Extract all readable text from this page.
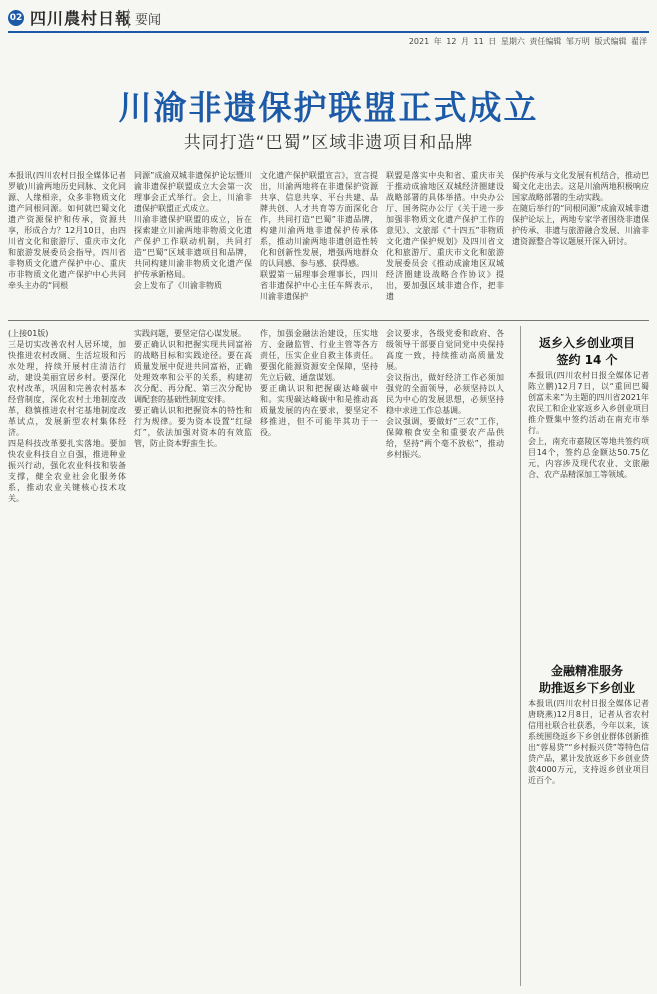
02 四川農村日報 要闻
2021 年 12 月 11 日 星期六 责任编辑 邹万明 版式编辑 翟洋
川渝非遗保护联盟正式成立
共同打造“巴蜀”区域非遗项目和品牌
本报讯(四川农村日报全媒体记者 罗敏)川渝两地历史同脉、文化同源、人缘相亲，众多非物质文化遗产同根同源。如何就巴蜀文化遗产资源保护和传承，资源共享，形成合力？12月10日，由四川省文化和旅游厅、重庆市文化和旅游发展委员会指导，四川省非物质文化遗产保护中心、重庆市非物质文化遗产保护中心共同牵头主办的“同根
同源”成渝双城非遗保护论坛暨川渝非遗保护联盟成立大会第一次理事会正式举行。会上，川渝非遗保护联盟正式成立。
川渝非遗保护联盟的成立，旨在探索建立川渝两地非物质文化遗产保护工作联动机制，共同打造“巴蜀”区域非遗项目和品牌，共同构建川渝非物质文化遗产保护传承新格局。
会上发布了《川渝非物质
文化遗产保护联盟宣言》，宣言提出，川渝两地将在非遗保护资源共享、信息共享、平台共建、品牌共创、人才共育等方面深化合作，共同打造“巴蜀”非遗品牌，构建川渝两地非遗保护传承体系，推动川渝两地非遗创造性转化和创新性发展，增强两地群众的认同感、参与感、获得感。
联盟第一届理事会理事长，四川省非遗保护中心主任车辉表示，川渝非遗保护
联盟是落实中央和省、重庆市关于推动成渝地区双城经济圈建设战略部署的具体举措。中央办公厅、国务院办公厅《关于进一步加强非物质文化遗产保护工作的意见》、文旅部《“十四五”非物质文化遗产保护规划》及四川省文化和旅游厅、重庆市文化和旅游发展委员会《推动成渝地区双城经济圈建设战略合作协议》提出，要加强区域非遗合作，把非遗
保护传承与文化发展有机结合，推动巴蜀文化走出去。这是川渝两地积极响应国家战略部署的生动实践。
在随后举行的“同根同源”成渝双城非遗保护论坛上，两地专家学者围绕非遗保护传承、非遗与旅游融合发展、川渝非遗资源整合等议题展开深入研讨。
(上接01版)
三是切实改善农村人居环境，加快推进农村改厕、生活垃圾和污水处理，持续开展村庄清洁行动，建设美丽宜居乡村。要深化农村改革，巩固和完善农村基本经营制度，深化农村土地制度改革，稳慎推进农村宅基地制度改革试点，发展新型农村集体经济。
四是科技改革要扎实落地。要加快农业科技自立自强，推进种业振兴行动，强化农业科技和装备支撑，健全农业社会化服务体系，推动农业关键核心技术攻关。
实践问题，要坚定信心谋发展。
要正确认识和把握实现共同富裕的战略目标和实践途径。要在高质量发展中促进共同富裕，正确处理效率和公平的关系，构建初次分配、再分配、第三次分配协调配套的基础性制度安排。
要正确认识和把握资本的特性和行为规律。要为资本设置“红绿灯”，依法加强对资本的有效监管，防止资本野蛮生长。
作，加强金融法治建设，压实地方、金融监管、行业主管等各方责任，压实企业自救主体责任。要强化能源资源安全保障，坚持先立后破、通盘谋划。
要正确认识和把握碳达峰碳中和。实现碳达峰碳中和是推动高质量发展的内在要求，要坚定不移推进，但不可能毕其功于一役。
会议要求，各级党委和政府、各级领导干部要自觉同党中央保持高度一致，持续推动高质量发展。
会议指出，做好经济工作必须加强党的全面领导，必须坚持以人民为中心的发展思想，必须坚持稳中求进工作总基调。
会议强调，要做好“三农”工作，保障粮食安全和重要农产品供给，坚持“两个毫不放松”，推动乡村振兴。
返乡入乡创业项目
签约 14 个
本报讯(四川农村日报全媒体记者 陈立鹏)12月7日，以“重回巴蜀 创富未来”为主题的四川省2021年农民工和企业家返乡入乡创业项目推介暨集中签约活动在南充市举行。
会上，南充市嘉陵区等地共签约项目14个，签约总金额达50.75亿元，内容涉及现代农业、文旅融合、农产品精深加工等领域。
金融精准服务
助推返乡下乡创业
本报讯(四川农村日报全媒体记者 唐晓燕)12月8日，记者从省农村信用社联合社获悉，今年以来，该系统围绕返乡下乡创业群体创新推出“蓉易贷”“乡村振兴贷”等特色信贷产品，累计发放返乡下乡创业贷款4000万元，支持返乡创业项目近百个。
